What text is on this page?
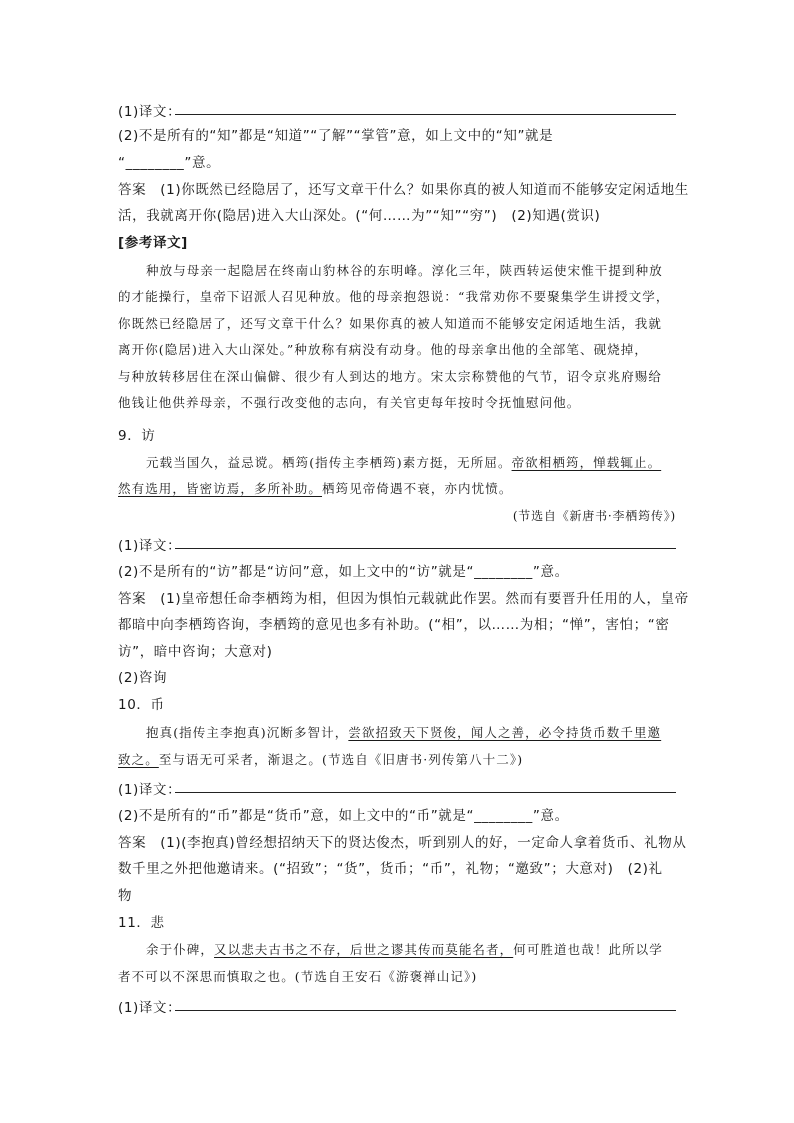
(1)译文：
(2)不是所有的“知”都是“知道”“了解”“掌管”意，如上文中的“知”就是
“________”意。
答案　(1)你既然已经隐居了，还写文章干什么？如果你真的被人知道而不能够安定闲适地生
活，我就离开你(隐居)进入大山深处。(“何……为”“知”“穷”)　(2)知遇(赏识)
[参考译文]
种放与母亲一起隐居在终南山豹林谷的东明峰。淳化三年，陕西转运使宋惟干提到种放
的才能操行，皇帝下诏派人召见种放。他的母亲抱怨说：“我常劝你不要聚集学生讲授文学，
你既然已经隐居了，还写文章干什么？如果你真的被人知道而不能够安定闲适地生活，我就
离开你(隐居)进入大山深处。”种放称有病没有动身。他的母亲拿出他的全部笔、砚烧掉，
与种放转移居住在深山偏僻、很少有人到达的地方。宋太宗称赞他的气节，诏令京兆府赐给
他钱让他供养母亲，不强行改变他的志向，有关官吏每年按时令抚恤慰问他。
9．访
元载当国久，益忌谠。栖筠(指传主李栖筠)素方挺，无所屈。帝欲相栖筠，惮载辄止。
然有选用，皆密访焉，多所补助。栖筠见帝倚遇不衰，亦内忧愤。
(节选自《新唐书·李栖筠传》)
(1)译文：
(2)不是所有的“访”都是“访问”意，如上文中的“访”就是“________”意。
答案　(1)皇帝想任命李栖筠为相，但因为惧怕元载就此作罢。然而有要晋升任用的人，皇帝
都暗中向李栖筠咨询，李栖筠的意见也多有补助。(“相”，以……为相；“惮”，害怕；“密
访”，暗中咨询；大意对)
(2)咨询
10．币
抱真(指传主李抱真)沉断多智计，尝欲招致天下贤俊，闻人之善，必令持货币数千里邀
致之。至与语无可采者，渐退之。(节选自《旧唐书·列传第八十二》)
(1)译文：
(2)不是所有的“币”都是“货币”意，如上文中的“币”就是“________”意。
答案　(1)(李抱真)曾经想招纳天下的贤达俊杰，听到别人的好，一定命人拿着货币、礼物从
数千里之外把他邀请来。(“招致”；“货”，货币；“币”，礼物；“邀致”；大意对)　(2)礼
物
11．悲
余于仆碑，又以悲夫古书之不存，后世之谬其传而莫能名者，何可胜道也哉！此所以学
者不可以不深思而慎取之也。(节选自王安石《游褒禅山记》)
(1)译文：
